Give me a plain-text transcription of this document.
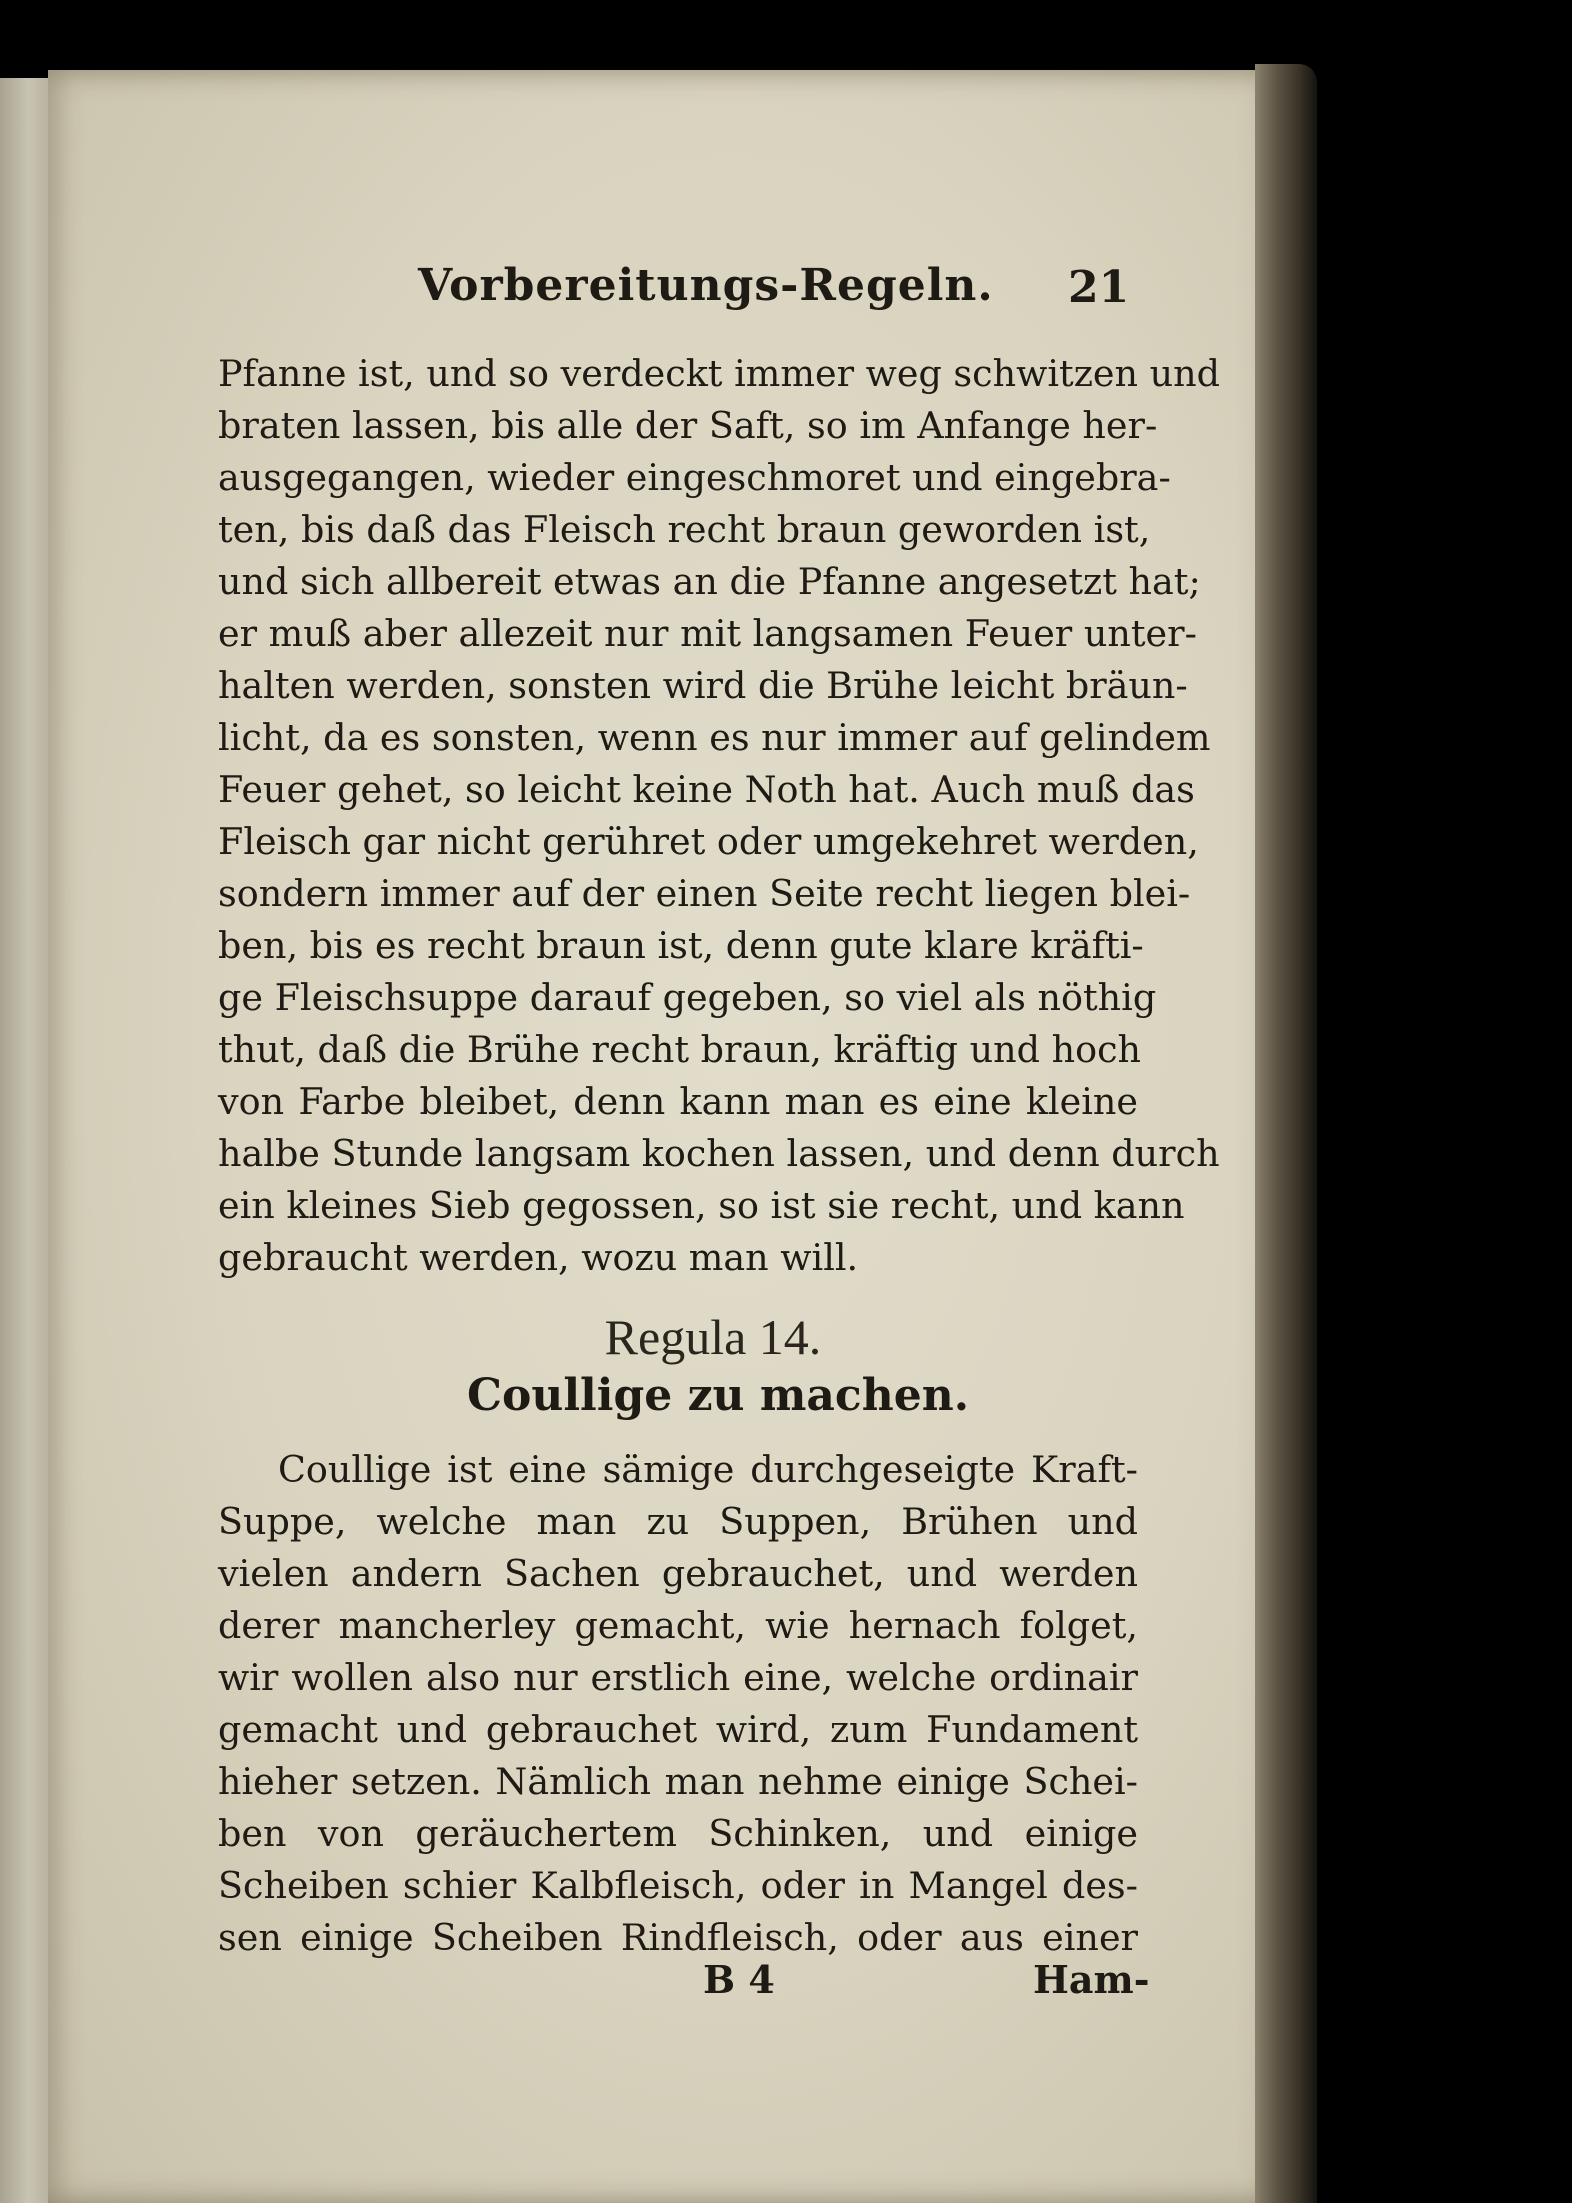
Vorbereitungs-Regeln. 21
Pfanne ist, und so verdeckt immer weg schwitzen und
braten lassen, bis alle der Saft, so im Anfange her-
ausgegangen, wieder eingeschmoret und eingebra-
ten, bis daß das Fleisch recht braun geworden ist,
und sich allbereit etwas an die Pfanne angesetzt hat;
er muß aber allezeit nur mit langsamen Feuer unter-
halten werden, sonsten wird die Brühe leicht bräun-
licht, da es sonsten, wenn es nur immer auf gelindem
Feuer gehet, so leicht keine Noth hat. Auch muß das
Fleisch gar nicht gerühret oder umgekehret werden,
sondern immer auf der einen Seite recht liegen blei-
ben, bis es recht braun ist, denn gute klare kräfti-
ge Fleischsuppe darauf gegeben, so viel als nöthig
thut, daß die Brühe recht braun, kräftig und hoch
von Farbe bleibet, denn kann man es eine kleine
halbe Stunde langsam kochen lassen, und denn durch
ein kleines Sieb gegossen, so ist sie recht, und kann
gebraucht werden, wozu man will.
Regula 14.
Coullige zu machen.
Coullige ist eine sämige durchgeseigte Kraft-
Suppe, welche man zu Suppen, Brühen und
vielen andern Sachen gebrauchet, und werden
derer mancherley gemacht, wie hernach folget,
wir wollen also nur erstlich eine, welche ordinair
gemacht und gebrauchet wird, zum Fundament
hieher setzen. Nämlich man nehme einige Schei-
ben von geräuchertem Schinken, und einige
Scheiben schier Kalbfleisch, oder in Mangel des-
sen einige Scheiben Rindfleisch, oder aus einer
B 4	Ham-
